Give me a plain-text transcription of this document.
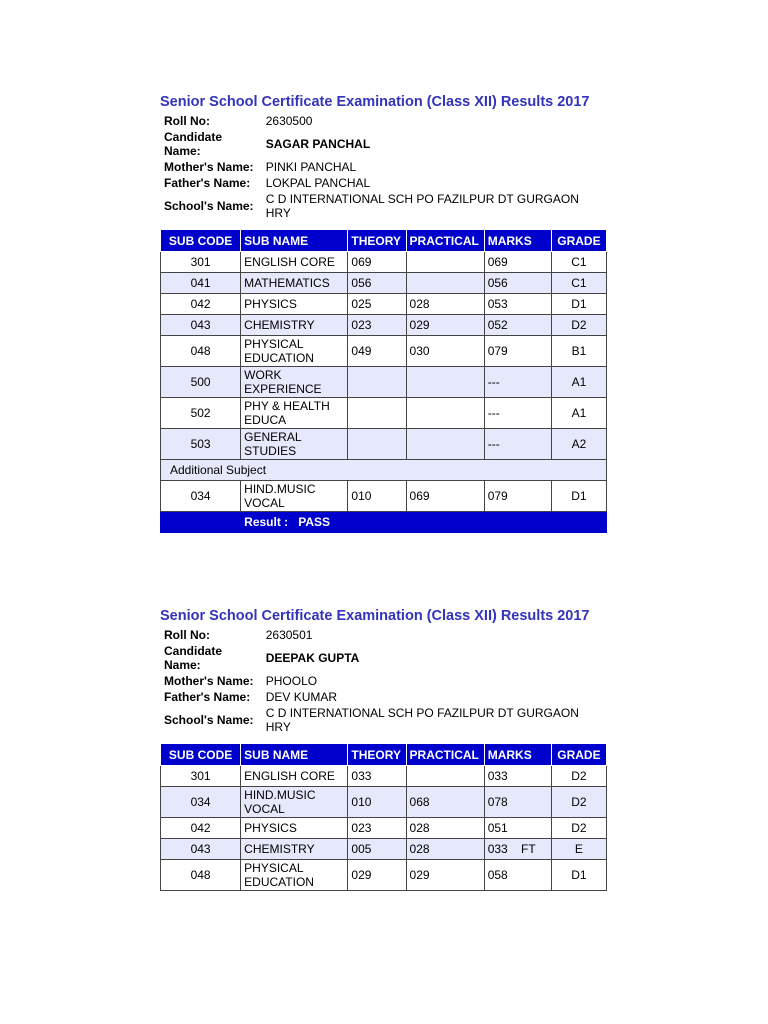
Senior School Certificate Examination (Class XII) Results 2017
Roll No:	2630500
Candidate Name:	SAGAR PANCHAL
Mother's Name:	PINKI PANCHAL
Father's Name:	LOKPAL PANCHAL
School's Name:	C D INTERNATIONAL SCH PO FAZILPUR DT GURGAON HRY
SUB CODE	SUB NAME	THEORY	PRACTICAL	MARKS	GRADE
301	ENGLISH CORE	069		069	C1
041	MATHEMATICS	056		056	C1
042	PHYSICS	025	028	053	D1
043	CHEMISTRY	023	029	052	D2
048	PHYSICAL EDUCATION	049	030	079	B1
500	WORK EXPERIENCE			---	A1
502	PHY & HEALTH EDUCA			---	A1
503	GENERAL STUDIES			---	A2
Additional Subject					
034	HIND.MUSIC VOCAL	010	069	079	D1
	Result : PASS				
Senior School Certificate Examination (Class XII) Results 2017
Roll No:	2630501
Candidate Name:	DEEPAK GUPTA
Mother's Name:	PHOOLO
Father's Name:	DEV KUMAR
School's Name:	C D INTERNATIONAL SCH PO FAZILPUR DT GURGAON HRY
SUB CODE	SUB NAME	THEORY	PRACTICAL	MARKS	GRADE
301	ENGLISH CORE	033		033	D2
034	HIND.MUSIC VOCAL	010	068	078	D2
042	PHYSICS	023	028	051	D2
043	CHEMISTRY	005	028	033    FT	E
048	PHYSICAL EDUCATION	029	029	058	D1
